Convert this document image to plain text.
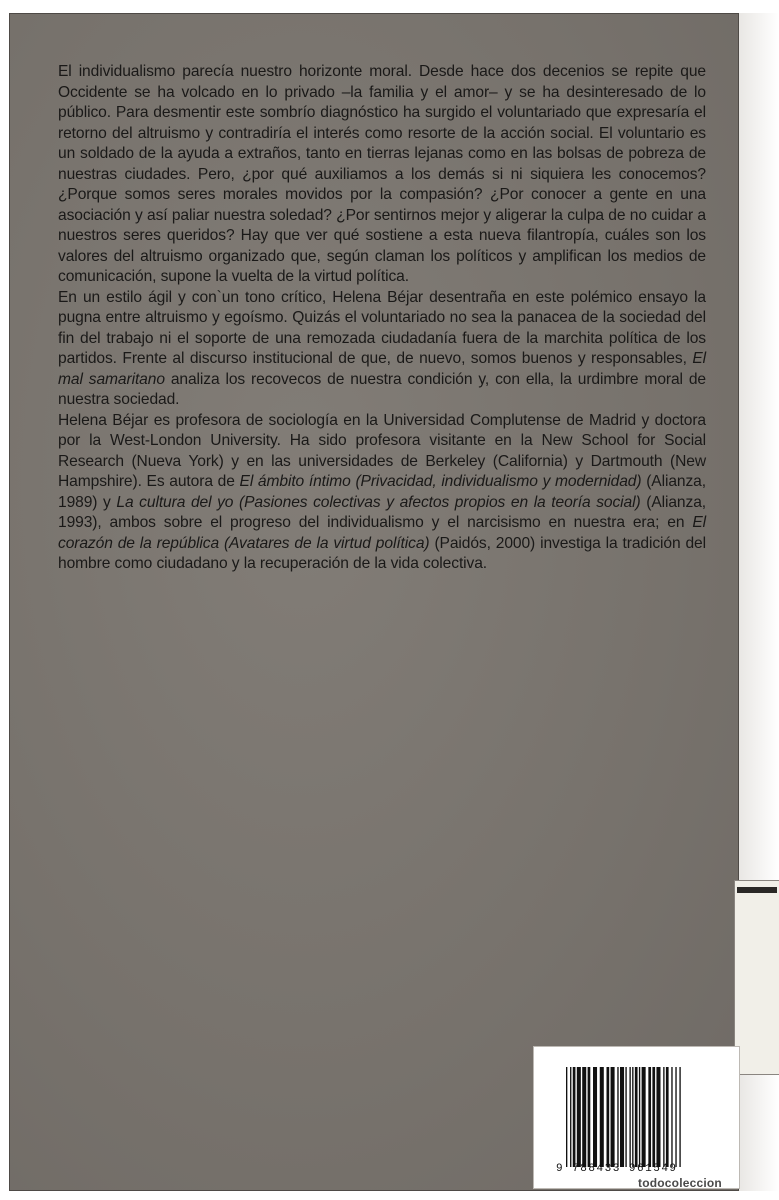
El individualismo parecía nuestro horizonte moral. Desde hace dos decenios se repite que Occidente se ha volcado en lo privado –la familia y el amor– y se ha desinteresado de lo público. Para desmentir este sombrío diagnóstico ha surgido el voluntariado que expresaría el retorno del altruismo y contradiría el interés como resorte de la acción social. El voluntario es un soldado de la ayuda a extraños, tanto en tierras lejanas como en las bolsas de pobreza de nuestras ciudades. Pero, ¿por qué auxiliamos a los demás si ni siquiera les conocemos? ¿Porque somos seres morales movidos por la compasión? ¿Por conocer a gente en una asociación y así paliar nuestra soledad? ¿Por sentirnos mejor y aligerar la culpa de no cuidar a nuestros seres queridos? Hay que ver qué sostiene a esta nueva filantropía, cuáles son los valores del altruismo organizado que, según claman los políticos y amplifican los medios de comunicación, supone la vuelta de la virtud política.

En un estilo ágil y con`un tono crítico, Helena Béjar desentraña en este polémico ensayo la pugna entre altruismo y egoísmo. Quizás el voluntariado no sea la panacea de la sociedad del fin del trabajo ni el soporte de una remozada ciudadanía fuera de la marchita política de los partidos. Frente al discurso institucional de que, de nuevo, somos buenos y responsables, El mal samaritano analiza los recovecos de nuestra condición y, con ella, la urdimbre moral de nuestra sociedad.

Helena Béjar es profesora de sociología en la Universidad Complutense de Madrid y doctora por la West-London University. Ha sido profesora visitante en la New School for Social Research (Nueva York) y en las universidades de Berkeley (California) y Dartmouth (New Hampshire). Es autora de El ámbito íntimo (Privacidad, individualismo y modernidad) (Alianza, 1989) y La cultura del yo (Pasiones colectivas y afectos propios en la teoría social) (Alianza, 1993), ambos sobre el progreso del individualismo y el narcisismo en nuestra era; en El corazón de la república (Avatares de la virtud política) (Paidós, 2000) investiga la tradición del hombre como ciudadano y la recuperación de la vida colectiva.

9 788433 961549
todocoleccion
